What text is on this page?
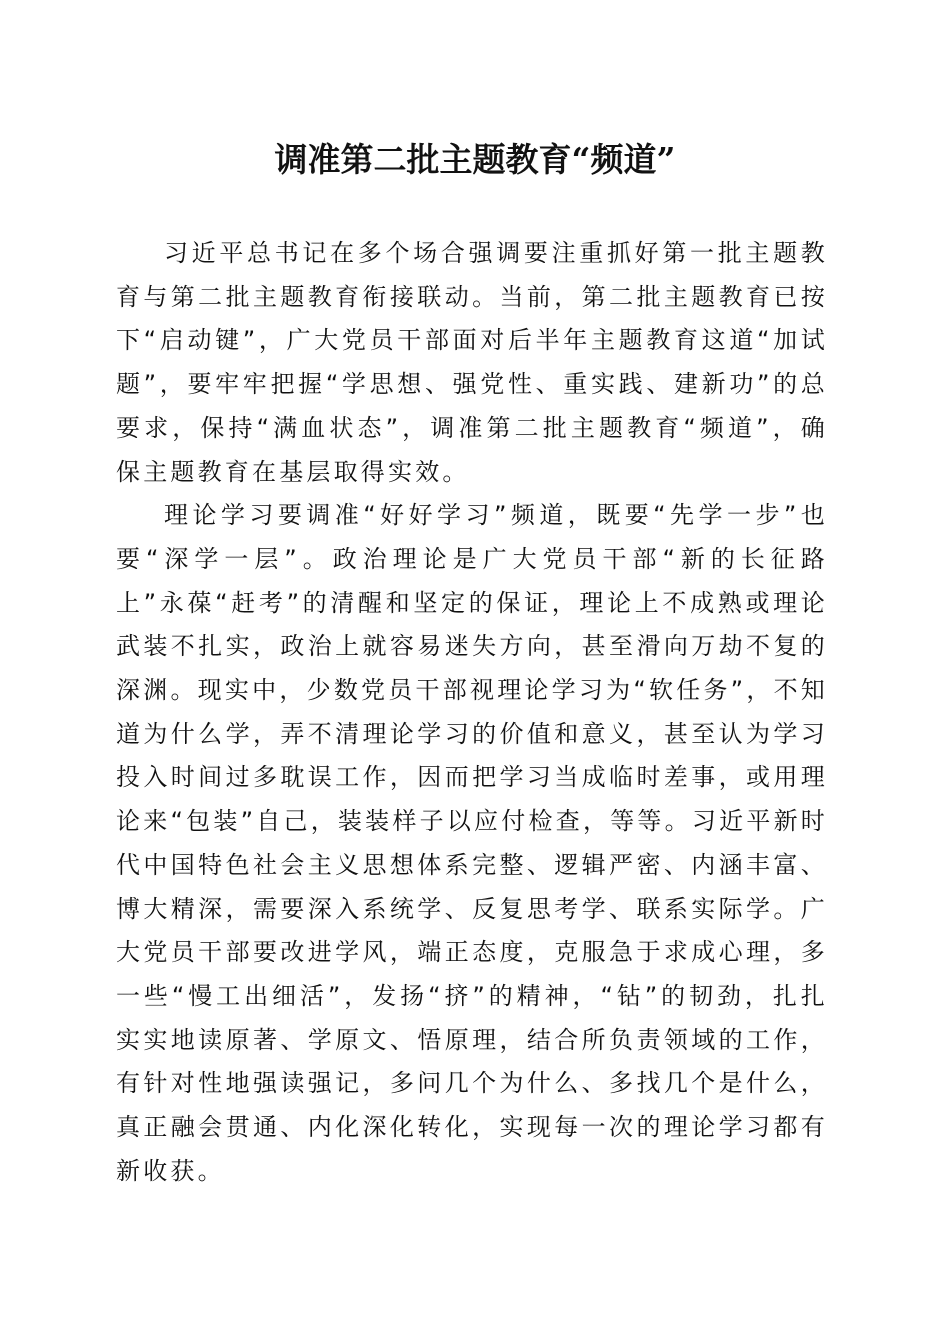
调准第二批主题教育“频道”

习近平总书记在多个场合强调要注重抓好第一批主题教育与第二批主题教育衔接联动。当前，第二批主题教育已按下“启动键”，广大党员干部面对后半年主题教育这道“加试题”，要牢牢把握“学思想、强党性、重实践、建新功”的总要求，保持“满血状态”，调准第二批主题教育“频道”，确保主题教育在基层取得实效。

理论学习要调准“好好学习”频道，既要“先学一步”也要“深学一层”。政治理论是广大党员干部“新的长征路上”永葆“赶考”的清醒和坚定的保证，理论上不成熟或理论武装不扎实，政治上就容易迷失方向，甚至滑向万劫不复的深渊。现实中，少数党员干部视理论学习为“软任务”，不知道为什么学，弄不清理论学习的价值和意义，甚至认为学习投入时间过多耽误工作，因而把学习当成临时差事，或用理论来“包装”自己，装装样子以应付检查，等等。习近平新时代中国特色社会主义思想体系完整、逻辑严密、内涵丰富、博大精深，需要深入系统学、反复思考学、联系实际学。广大党员干部要改进学风，端正态度，克服急于求成心理，多一些“慢工出细活”，发扬“挤”的精神，“钻”的韧劲，扎扎实实地读原著、学原文、悟原理，结合所负责领域的工作，有针对性地强读强记，多问几个为什么、多找几个是什么，真正融会贯通、内化深化转化，实现每一次的理论学习都有新收获。
